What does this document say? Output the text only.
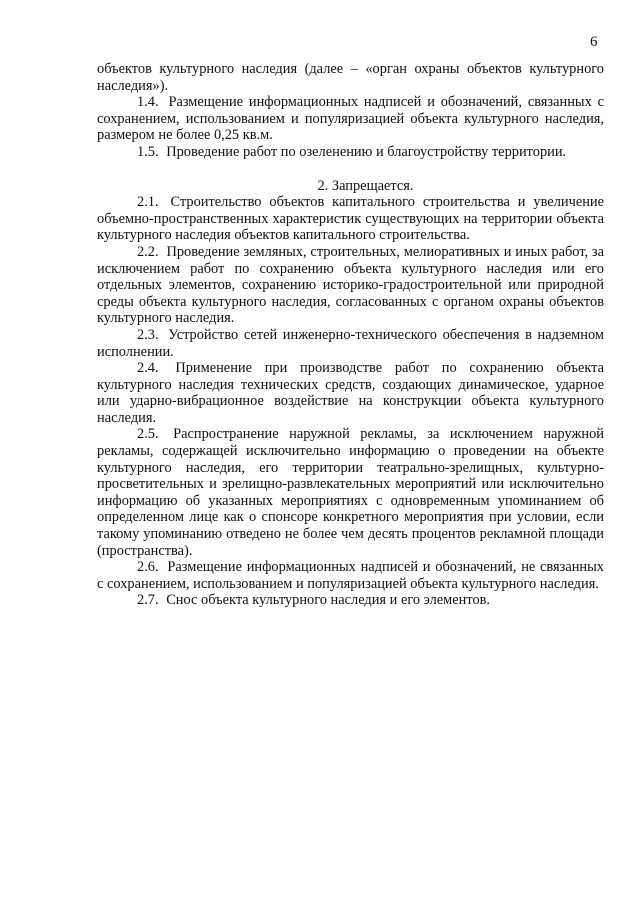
6

объектов культурного наследия (далее – «орган охраны объектов культурного наследия»).

1.4. Размещение информационных надписей и обозначений, связанных с сохранением, использованием и популяризацией объекта культурного наследия, размером не более 0,25 кв.м.

1.5. Проведение работ по озеленению и благоустройству территории.

2. Запрещается.

2.1. Строительство объектов капитального строительства и увеличение объемно-пространственных характеристик существующих на территории объекта культурного наследия объектов капитального строительства.

2.2. Проведение земляных, строительных, мелиоративных и иных работ, за исключением работ по сохранению объекта культурного наследия или его отдельных элементов, сохранению историко-градостроительной или природной среды объекта культурного наследия, согласованных с органом охраны объектов культурного наследия.

2.3. Устройство сетей инженерно-технического обеспечения в надземном исполнении.

2.4. Применение при производстве работ по сохранению объекта культурного наследия технических средств, создающих динамическое, ударное или ударно-вибрационное воздействие на конструкции объекта культурного наследия.

2.5. Распространение наружной рекламы, за исключением наружной рекламы, содержащей исключительно информацию о проведении на объекте культурного наследия, его территории театрально-зрелищных, культурно-просветительных и зрелищно-развлекательных мероприятий или исключительно информацию об указанных мероприятиях с одновременным упоминанием об определенном лице как о спонсоре конкретного мероприятия при условии, если такому упоминанию отведено не более чем десять процентов рекламной площади (пространства).

2.6. Размещение информационных надписей и обозначений, не связанных с сохранением, использованием и популяризацией объекта культурного наследия.

2.7. Снос объекта культурного наследия и его элементов.
